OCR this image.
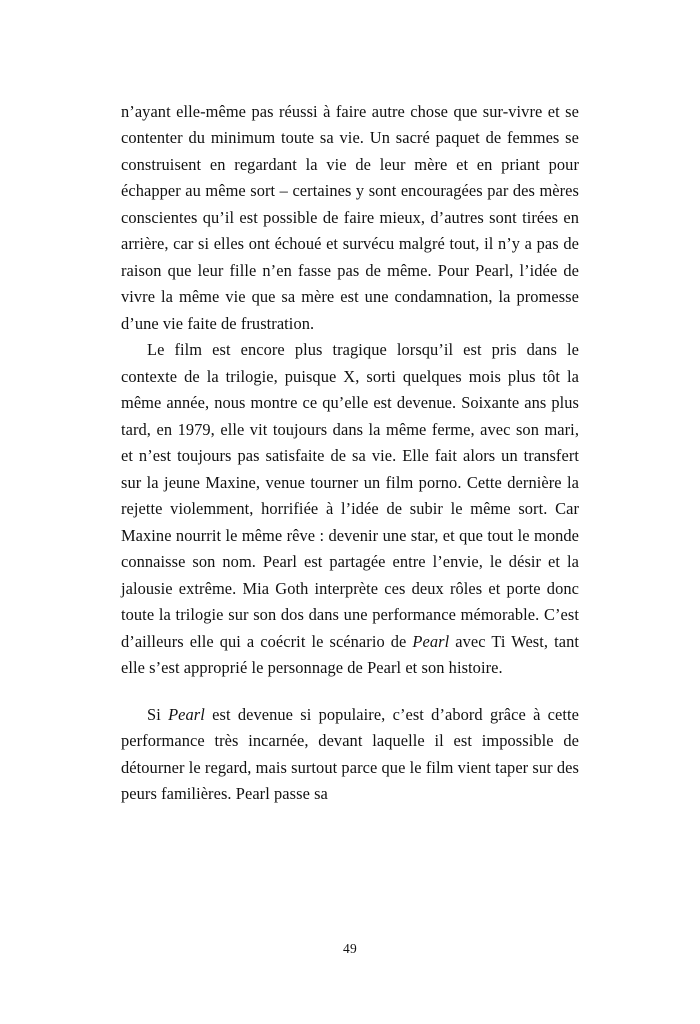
n’ayant elle-même pas réussi à faire autre chose que sur-vivre et se contenter du minimum toute sa vie. Un sacré paquet de femmes se construisent en regardant la vie de leur mère et en priant pour échapper au même sort – certaines y sont encouragées par des mères conscientes qu’il est possible de faire mieux, d’autres sont tirées en arrière, car si elles ont échoué et survécu malgré tout, il n’y a pas de raison que leur fille n’en fasse pas de même. Pour Pearl, l’idée de vivre la même vie que sa mère est une condamnation, la promesse d’une vie faite de frustration.

Le film est encore plus tragique lorsqu’il est pris dans le contexte de la trilogie, puisque X, sorti quelques mois plus tôt la même année, nous montre ce qu’elle est devenue. Soixante ans plus tard, en 1979, elle vit toujours dans la même ferme, avec son mari, et n’est toujours pas satisfaite de sa vie. Elle fait alors un transfert sur la jeune Maxine, venue tourner un film porno. Cette dernière la rejette violemment, horrifiée à l’idée de subir le même sort. Car Maxine nourrit le même rêve : devenir une star, et que tout le monde connaisse son nom. Pearl est partagée entre l’envie, le désir et la jalousie extrême. Mia Goth interprète ces deux rôles et porte donc toute la trilogie sur son dos dans une performance mémorable. C’est d’ailleurs elle qui a coécrit le scénario de Pearl avec Ti West, tant elle s’est approprié le personnage de Pearl et son histoire.

Si Pearl est devenue si populaire, c’est d’abord grâce à cette performance très incarnée, devant laquelle il est impossible de détourner le regard, mais surtout parce que le film vient taper sur des peurs familières. Pearl passe sa

49
